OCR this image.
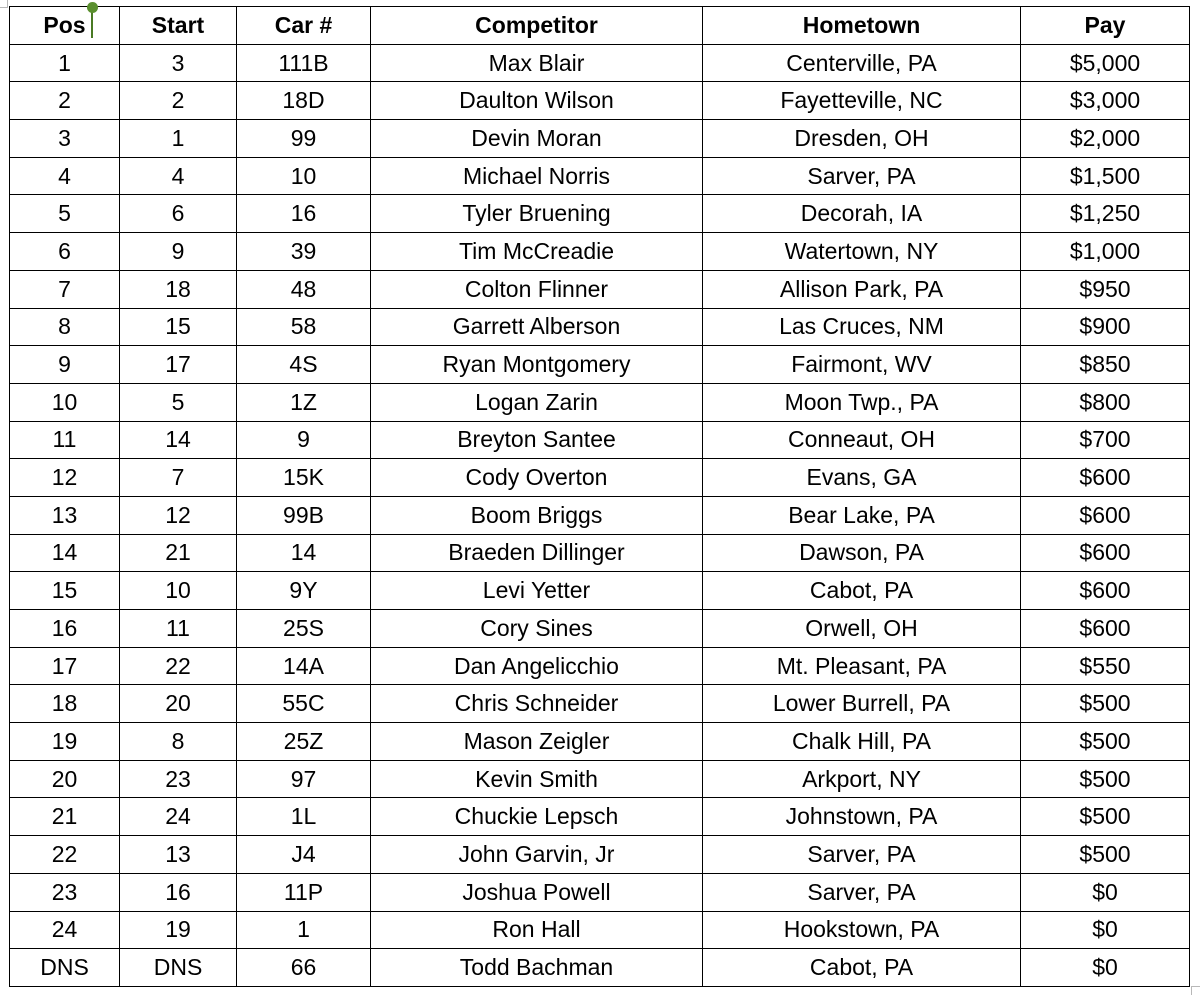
Pos	Start	Car #	Competitor	Hometown	Pay
1	3	111B	Max Blair	Centerville, PA	$5,000
2	2	18D	Daulton Wilson	Fayetteville, NC	$3,000
3	1	99	Devin Moran	Dresden, OH	$2,000
4	4	10	Michael Norris	Sarver, PA	$1,500
5	6	16	Tyler Bruening	Decorah, IA	$1,250
6	9	39	Tim McCreadie	Watertown, NY	$1,000
7	18	48	Colton Flinner	Allison Park, PA	$950
8	15	58	Garrett Alberson	Las Cruces, NM	$900
9	17	4S	Ryan Montgomery	Fairmont, WV	$850
10	5	1Z	Logan Zarin	Moon Twp., PA	$800
11	14	9	Breyton Santee	Conneaut, OH	$700
12	7	15K	Cody Overton	Evans, GA	$600
13	12	99B	Boom Briggs	Bear Lake, PA	$600
14	21	14	Braeden Dillinger	Dawson, PA	$600
15	10	9Y	Levi Yetter	Cabot, PA	$600
16	11	25S	Cory Sines	Orwell, OH	$600
17	22	14A	Dan Angelicchio	Mt. Pleasant, PA	$550
18	20	55C	Chris Schneider	Lower Burrell, PA	$500
19	8	25Z	Mason Zeigler	Chalk Hill, PA	$500
20	23	97	Kevin Smith	Arkport, NY	$500
21	24	1L	Chuckie Lepsch	Johnstown, PA	$500
22	13	J4	John Garvin, Jr	Sarver, PA	$500
23	16	11P	Joshua Powell	Sarver, PA	$0
24	19	1	Ron Hall	Hookstown, PA	$0
DNS	DNS	66	Todd Bachman	Cabot, PA	$0
